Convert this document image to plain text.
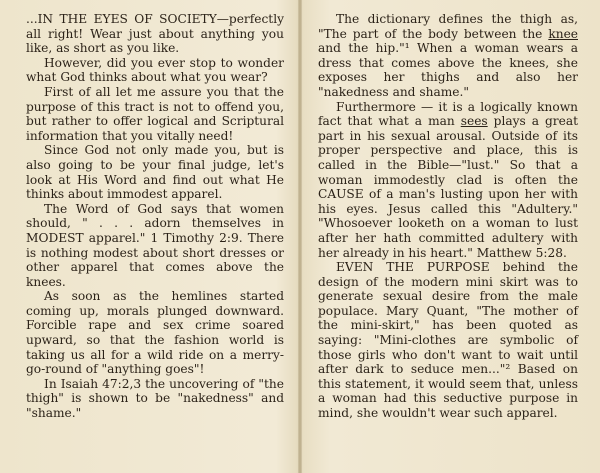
...IN THE EYES OF SOCIETY—perfectly all right! Wear just about anything you like, as short as you like.

However, did you ever stop to wonder what God thinks about what you wear?

First of all let me assure you that the purpose of this tract is not to offend you, but rather to offer logical and Scriptural information that you vitally need!

Since God not only made you, but is also going to be your final judge, let's look at His Word and find out what He thinks about immodest apparel.

The Word of God says that women should, " . . . adorn themselves in MODEST apparel." 1 Timothy 2:9. There is nothing modest about short dresses or other apparel that comes above the knees.

As soon as the hemlines started coming up, morals plunged downward. Forcible rape and sex crime soared upward, so that the fashion world is taking us all for a wild ride on a merry-go-round of "anything goes"!

In Isaiah 47:2,3 the uncovering of "the thigh" is shown to be "nakedness" and "shame."

The dictionary defines the thigh as, "The part of the body between the knee and the hip."¹ When a woman wears a dress that comes above the knees, she exposes her thighs and also her "nakedness and shame."

Furthermore — it is a logically known fact that what a man sees plays a great part in his sexual arousal. Outside of its proper perspective and place, this is called in the Bible—"lust." So that a woman immodestly clad is often the CAUSE of a man's lusting upon her with his eyes. Jesus called this "Adultery." "Whosoever looketh on a woman to lust after her hath committed adultery with her already in his heart." Matthew 5:28.

EVEN THE PURPOSE behind the design of the modern mini skirt was to generate sexual desire from the male populace. Mary Quant, "The mother of the mini-skirt," has been quoted as saying: "Mini-clothes are symbolic of those girls who don't want to wait until after dark to seduce men..."² Based on this statement, it would seem that, unless a woman had this seductive purpose in mind, she wouldn't wear such apparel.
